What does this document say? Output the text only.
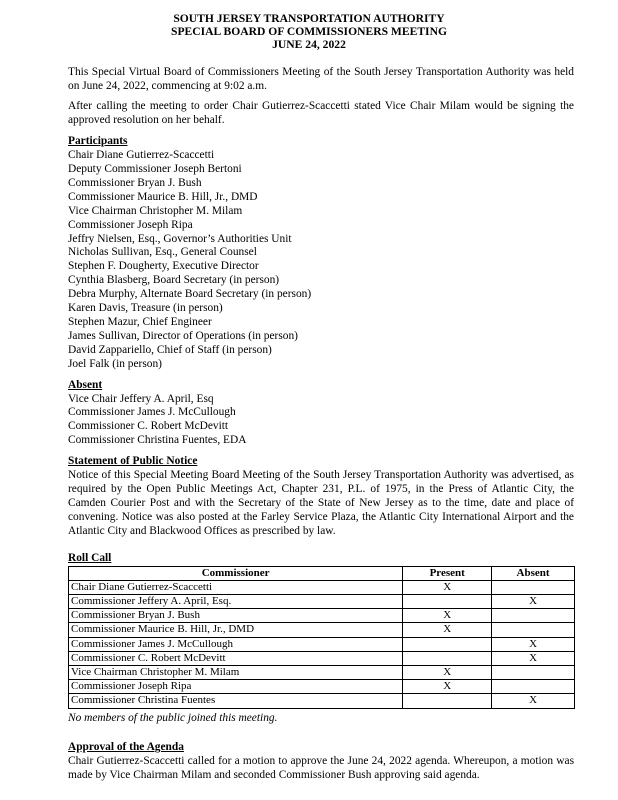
SOUTH JERSEY TRANSPORTATION AUTHORITY
SPECIAL BOARD OF COMMISSIONERS MEETING
JUNE 24, 2022

This Special Virtual Board of Commissioners Meeting of the South Jersey Transportation Authority was held on June 24, 2022, commencing at 9:02 a.m.

After calling the meeting to order Chair Gutierrez-Scaccetti stated Vice Chair Milam would be signing the approved resolution on her behalf.

Participants
Chair Diane Gutierrez-Scaccetti
Deputy Commissioner Joseph Bertoni
Commissioner Bryan J. Bush
Commissioner Maurice B. Hill, Jr., DMD
Vice Chairman Christopher M. Milam
Commissioner Joseph Ripa
Jeffry Nielsen, Esq., Governor’s Authorities Unit
Nicholas Sullivan, Esq., General Counsel
Stephen F. Dougherty, Executive Director
Cynthia Blasberg, Board Secretary (in person)
Debra Murphy, Alternate Board Secretary (in person)
Karen Davis, Treasure (in person)
Stephen Mazur, Chief Engineer
James Sullivan, Director of Operations (in person)
David Zappariello, Chief of Staff (in person)
Joel Falk (in person)
Absent
Vice Chair Jeffery A. April, Esq
Commissioner James J. McCullough
Commissioner C. Robert McDevitt
Commissioner Christina Fuentes, EDA
Statement of Public Notice

Notice of this Special Meeting Board Meeting of the South Jersey Transportation Authority was advertised, as required by the Open Public Meetings Act, Chapter 231, P.L. of 1975, in the Press of Atlantic City, the Camden Courier Post and with the Secretary of the State of New Jersey as to the time, date and place of convening. Notice was also posted at the Farley Service Plaza, the Atlantic City International Airport and the Atlantic City and Blackwood Offices as prescribed by law.

Roll Call
Commissioner	Present	Absent
Chair Diane Gutierrez-Scaccetti	X	
Commissioner Jeffery A. April, Esq.		X
Commissioner Bryan J. Bush	X	
Commissioner Maurice B. Hill, Jr., DMD	X	
Commissioner James J. McCullough		X
Commissioner C. Robert McDevitt		X
Vice Chairman Christopher M. Milam	X	
Commissioner Joseph Ripa	X	
Commissioner Christina Fuentes		X
No members of the public joined this meeting.
Approval of the Agenda

Chair Gutierrez-Scaccetti called for a motion to approve the June 24, 2022 agenda. Whereupon, a motion was made by Vice Chairman Milam and seconded Commissioner Bush approving said agenda.
